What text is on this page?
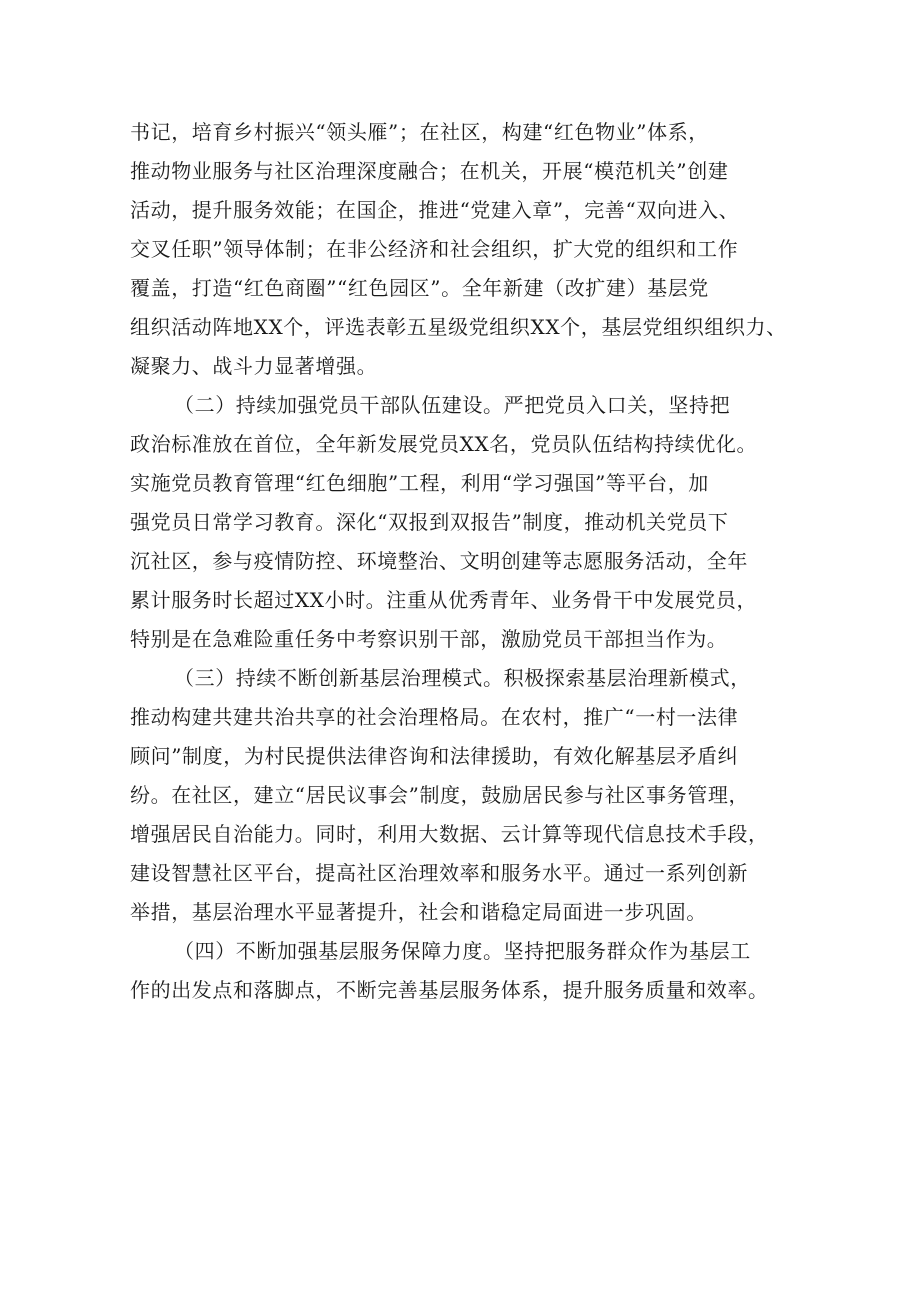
书记，培育乡村振兴“领头雁”；在社区，构建“红色物业”体系，

推动物业服务与社区治理深度融合；在机关，开展“模范机关”创建

活动，提升服务效能；在国企，推进“党建入章”，完善“双向进入、

交叉任职”领导体制；在非公经济和社会组织，扩大党的组织和工作

覆盖，打造“红色商圈”“红色园区”。全年新建（改扩建）基层党

组织活动阵地XX个，评选表彰五星级党组织XX个，基层党组织组织力、

凝聚力、战斗力显著增强。

（二）持续加强党员干部队伍建设。严把党员入口关，坚持把

政治标准放在首位，全年新发展党员XX名，党员队伍结构持续优化。

实施党员教育管理“红色细胞”工程，利用“学习强国”等平台，加

强党员日常学习教育。深化“双报到双报告”制度，推动机关党员下

沉社区，参与疫情防控、环境整治、文明创建等志愿服务活动，全年

累计服务时长超过XX小时。注重从优秀青年、业务骨干中发展党员，

特别是在急难险重任务中考察识别干部，激励党员干部担当作为。

（三）持续不断创新基层治理模式。积极探索基层治理新模式，

推动构建共建共治共享的社会治理格局。在农村，推广“一村一法律

顾问”制度，为村民提供法律咨询和法律援助，有效化解基层矛盾纠

纷。在社区，建立“居民议事会”制度，鼓励居民参与社区事务管理，

增强居民自治能力。同时，利用大数据、云计算等现代信息技术手段，

建设智慧社区平台，提高社区治理效率和服务水平。通过一系列创新

举措，基层治理水平显著提升，社会和谐稳定局面进一步巩固。

（四）不断加强基层服务保障力度。坚持把服务群众作为基层工

作的出发点和落脚点，不断完善基层服务体系，提升服务质量和效率。
